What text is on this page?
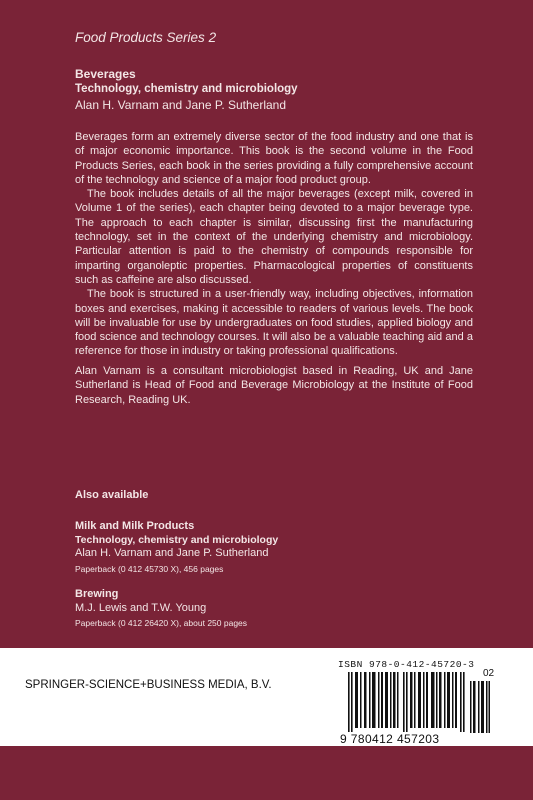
Food Products Series 2
Beverages
Technology, chemistry and microbiology
Alan H. Varnam and Jane P. Sutherland

Beverages form an extremely diverse sector of the food industry and one that is of major economic importance. This book is the second volume in the Food Products Series, each book in the series providing a fully comprehensive account of the technology and science of a major food product group.

The book includes details of all the major beverages (except milk, covered in Volume 1 of the series), each chapter being devoted to a major beverage type. The approach to each chapter is similar, discussing first the manufacturing technology, set in the context of the underlying chemistry and microbiology. Particular attention is paid to the chemistry of compounds responsible for imparting organoleptic properties. Pharmacological properties of constituents such as caffeine are also discussed.

The book is structured in a user-friendly way, including objectives, information boxes and exercises, making it accessible to readers of various levels. The book will be invaluable for use by undergraduates on food studies, applied biology and food science and technology courses. It will also be a valuable teaching aid and a reference for those in industry or taking professional qualifications.

Alan Varnam is a consultant microbiologist based in Reading, UK and Jane Sutherland is Head of Food and Beverage Microbiology at the Institute of Food Research, Reading UK.

Also available
Milk and Milk Products
Technology, chemistry and microbiology
Alan H. Varnam and Jane P. Sutherland
Paperback (0 412 45730 X), 456 pages
Brewing
M.J. Lewis and T.W. Young
Paperback (0 412 26420 X), about 250 pages
SPRINGER-SCIENCE+BUSINESS MEDIA, B.V.
ISBN 978-0-412-45720-3
02
9 780412 457203
